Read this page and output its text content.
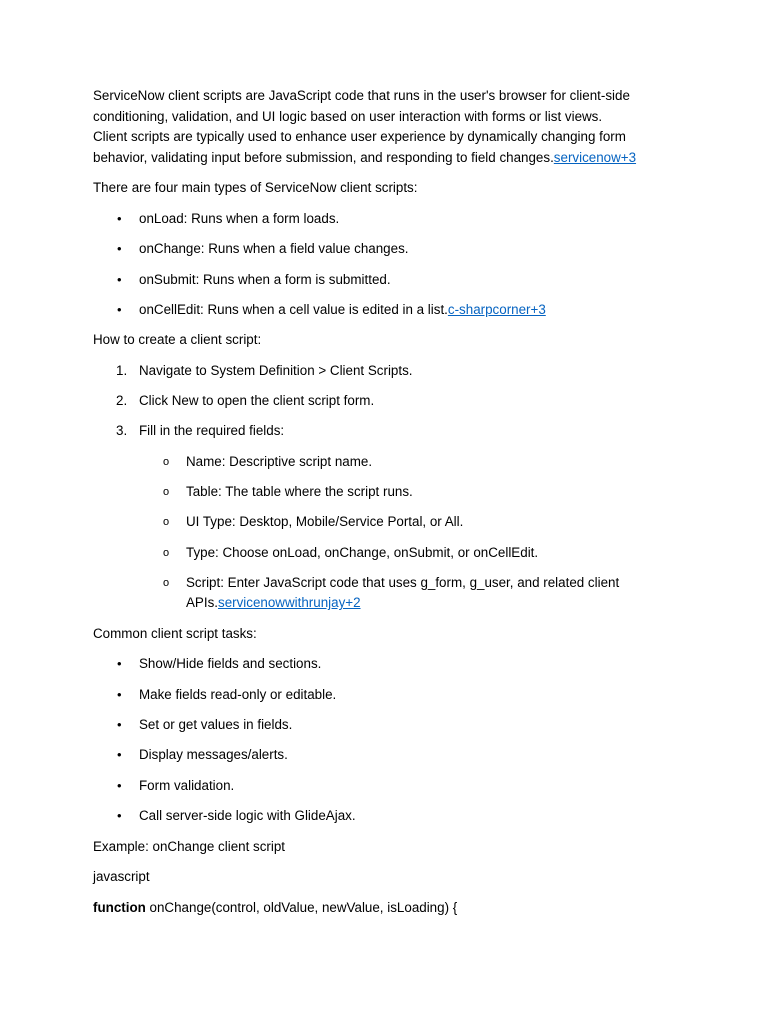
ServiceNow client scripts are JavaScript code that runs in the user's browser for client-side
conditioning, validation, and UI logic based on user interaction with forms or list views.
Client scripts are typically used to enhance user experience by dynamically changing form
behavior, validating input before submission, and responding to field changes.servicenow+3
There are four main types of ServiceNow client scripts:
• onLoad: Runs when a form loads.
• onChange: Runs when a field value changes.
• onSubmit: Runs when a form is submitted.
• onCellEdit: Runs when a cell value is edited in a list.c-sharpcorner+3
How to create a client script:
1. Navigate to System Definition > Client Scripts.
2. Click New to open the client script form.
3. Fill in the required fields:
o Name: Descriptive script name.
o Table: The table where the script runs.
o UI Type: Desktop, Mobile/Service Portal, or All.
o Type: Choose onLoad, onChange, onSubmit, or onCellEdit.
o Script: Enter JavaScript code that uses g_form, g_user, and related client
APIs.servicenowwithrunjay+2
Common client script tasks:
• Show/Hide fields and sections.
• Make fields read-only or editable.
• Set or get values in fields.
• Display messages/alerts.
• Form validation.
• Call server-side logic with GlideAjax.
Example: onChange client script
javascript
function onChange(control, oldValue, newValue, isLoading) {
